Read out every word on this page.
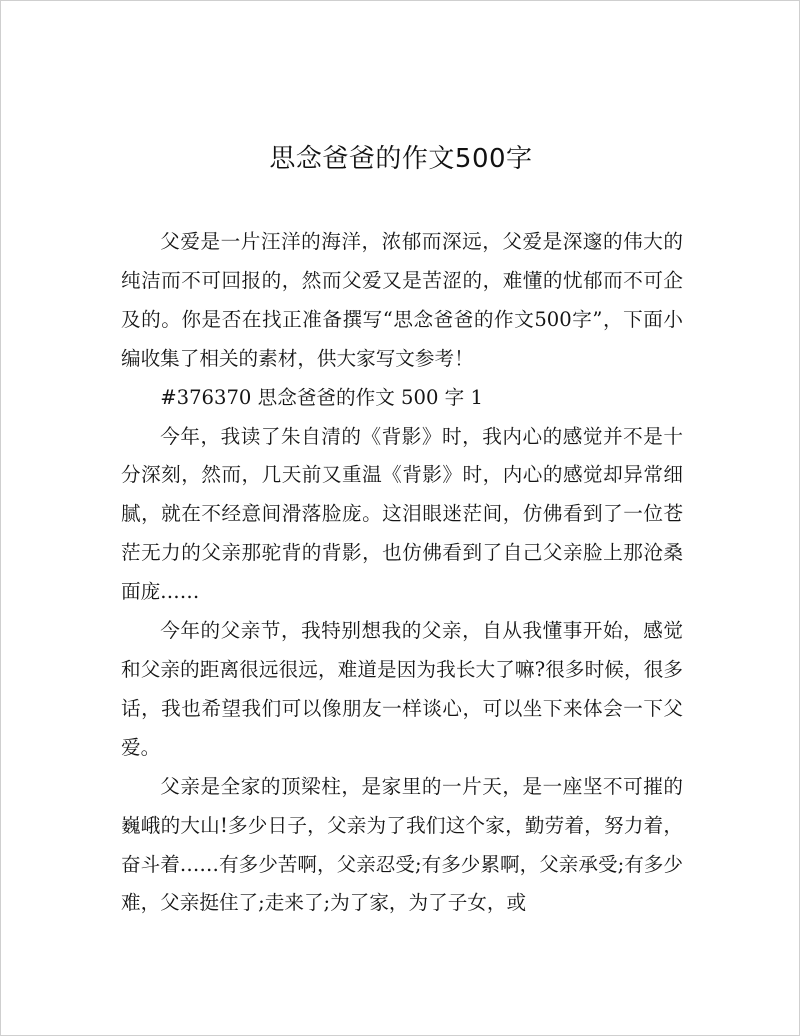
思念爸爸的作文500字

父爱是一片汪洋的海洋，浓郁而深远，父爱是深邃的伟大的纯洁而不可回报的，然而父爱又是苦涩的，难懂的忧郁而不可企及的。你是否在找正准备撰写“思念爸爸的作文500字”，下面小编收集了相关的素材，供大家写文参考！

#376370 思念爸爸的作文 500 字 1

今年，我读了朱自清的《背影》时，我内心的感觉并不是十分深刻，然而，几天前又重温《背影》时，内心的感觉却异常细腻，就在不经意间滑落脸庞。这泪眼迷茫间，仿佛看到了一位苍茫无力的父亲那驼背的背影，也仿佛看到了自己父亲脸上那沧桑面庞……

今年的父亲节，我特别想我的父亲，自从我懂事开始，感觉和父亲的距离很远很远，难道是因为我长大了嘛?很多时候，很多话，我也希望我们可以像朋友一样谈心，可以坐下来体会一下父爱。

父亲是全家的顶梁柱，是家里的一片天，是一座坚不可摧的巍峨的大山!多少日子，父亲为了我们这个家，勤劳着，努力着，奋斗着……有多少苦啊，父亲忍受;有多少累啊，父亲承受;有多少难，父亲挺住了;走来了;为了家，为了子女，或
